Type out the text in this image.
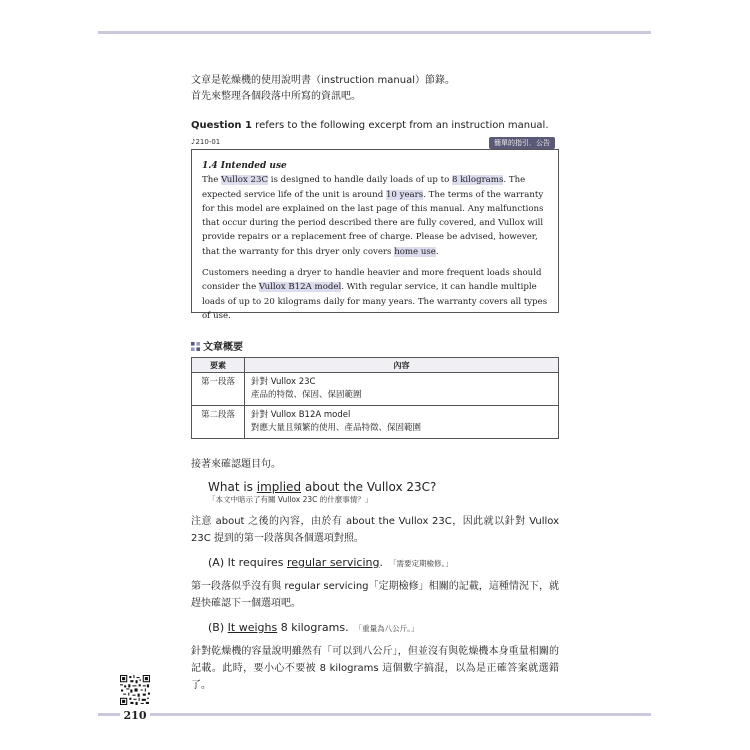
文章是乾燥機的使用說明書（instruction manual）節錄。
首先來整理各個段落中所寫的資訊吧。
Question 1 refers to the following excerpt from an instruction manual.
♪210-01	簡單的指引．公告
1.4 Intended use

The Vullox 23C is designed to handle daily loads of up to 8 kilograms. The expected service life of the unit is around 10 years. The terms of the warranty for this model are explained on the last page of this manual. Any malfunctions that occur during the period described there are fully covered, and Vullox will provide repairs or a replacement free of charge. Please be advised, however, that the warranty for this dryer only covers home use.

Customers needing a dryer to handle heavier and more frequent loads should consider the Vullox B12A model. With regular service, it can handle multiple loads of up to 20 kilograms daily for many years. The warranty covers all types of use.

文章概要
要素	內容
第一段落	針對 Vullox 23C
產品的特徵、保固、保固範圍

第二段落	針對 Vullox B12A model
對應大量且頻繁的使用、產品特徵、保固範圍
接著來確認題目句。
What is implied about the Vullox 23C?
「本文中暗示了有關 Vullox 23C 的什麼事情？」
注意 about 之後的內容，由於有 about the Vullox 23C，因此就以針對 Vullox 23C 提到的第一段落與各個選項對照。
(A) It requires regular servicing. 「需要定期檢修。」
第一段落似乎沒有與 regular servicing「定期檢修」相關的記載，這種情況下，就趕快確認下一個選項吧。
(B) It weighs 8 kilograms. 「重量為八公斤。」
針對乾燥機的容量說明雖然有「可以到八公斤」，但並沒有與乾燥機本身重量相關的記載。此時，要小心不要被 8 kilograms 這個數字搞混，以為是正確答案就選錯了。
210
